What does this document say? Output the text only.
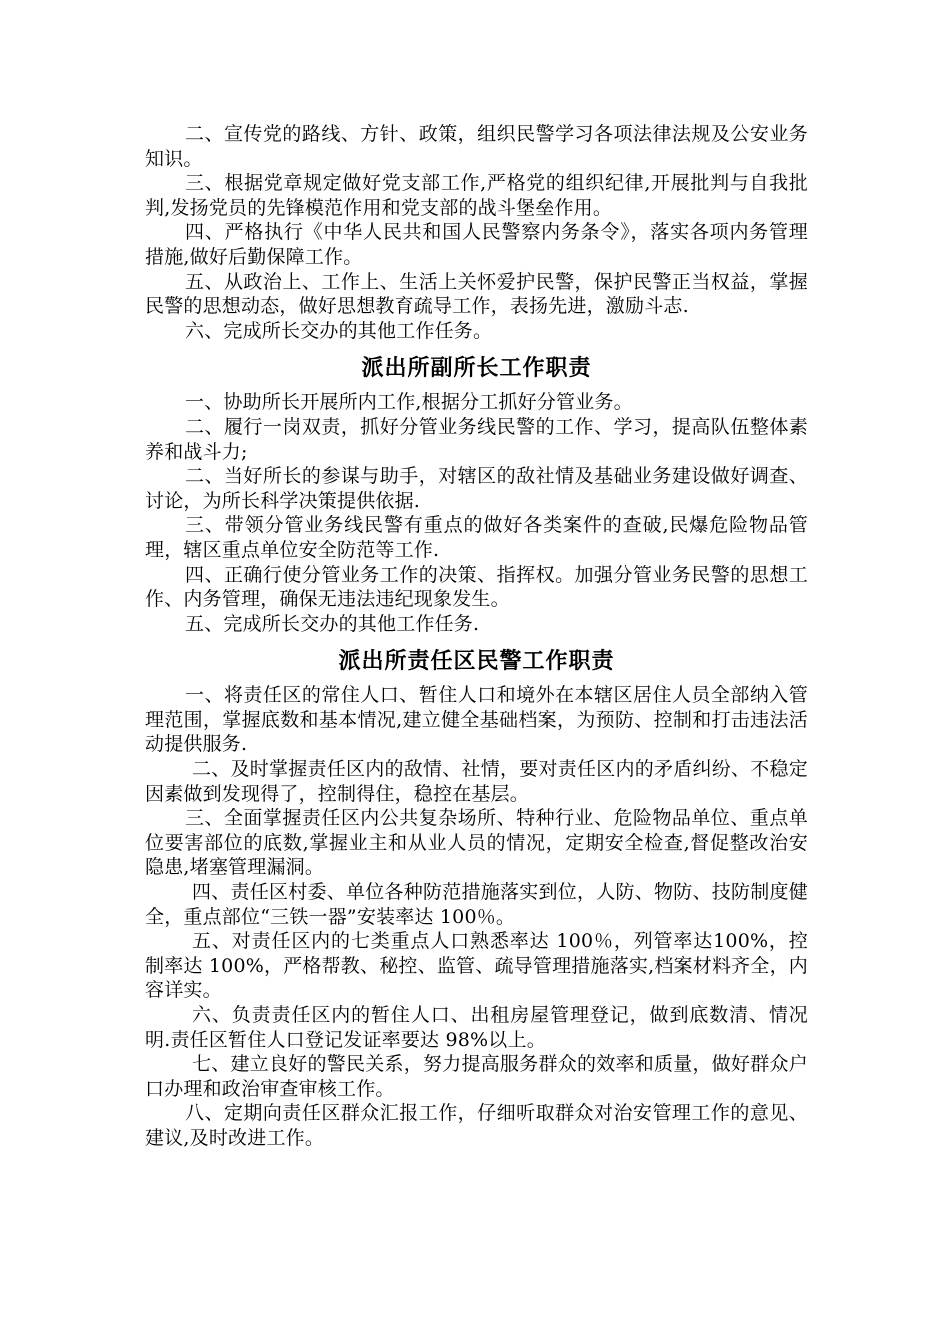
二、宣传党的路线、方针、政策，组织民警学习各项法律法规及公安业务知识。

三、根据党章规定做好党支部工作,严格党的组织纪律,开展批判与自我批判,发扬党员的先锋模范作用和党支部的战斗堡垒作用。

四、严格执行《中华人民共和国人民警察内务条令》，落实各项内务管理措施,做好后勤保障工作。

五、从政治上、工作上、生活上关怀爱护民警，保护民警正当权益，掌握民警的思想动态，做好思想教育疏导工作，表扬先进，激励斗志.

六、完成所长交办的其他工作任务。

派出所副所长工作职责

一、协助所长开展所内工作,根据分工抓好分管业务。

二、履行一岗双责，抓好分管业务线民警的工作、学习，提高队伍整体素养和战斗力;

二、当好所长的参谋与助手，对辖区的敌社情及基础业务建设做好调查、讨论，为所长科学决策提供依据.

三、带领分管业务线民警有重点的做好各类案件的查破,民爆危险物品管理，辖区重点单位安全防范等工作.

四、正确行使分管业务工作的决策、指挥权。加强分管业务民警的思想工作、内务管理，确保无违法违纪现象发生。

五、完成所长交办的其他工作任务.

派出所责任区民警工作职责

一、将责任区的常住人口、暂住人口和境外在本辖区居住人员全部纳入管理范围，掌握底数和基本情况,建立健全基础档案，为预防、控制和打击违法活动提供服务.

二、及时掌握责任区内的敌情、社情，要对责任区内的矛盾纠纷、不稳定因素做到发现得了，控制得住，稳控在基层。

三、全面掌握责任区内公共复杂场所、特种行业、危险物品单位、重点单位要害部位的底数,掌握业主和从业人员的情况，定期安全检查,督促整改治安隐患,堵塞管理漏洞。

四、责任区村委、单位各种防范措施落实到位，人防、物防、技防制度健全，重点部位“三铁一器”安装率达 100％。

五、对责任区内的七类重点人口熟悉率达 100％，列管率达100%，控制率达 100%，严格帮教、秘控、监管、疏导管理措施落实,档案材料齐全，内容详实。

六、负责责任区内的暂住人口、出租房屋管理登记，做到底数清、情况明.责任区暂住人口登记发证率要达 98%以上。

七、建立良好的警民关系，努力提高服务群众的效率和质量，做好群众户口办理和政治审查审核工作。

八、定期向责任区群众汇报工作，仔细听取群众对治安管理工作的意见、建议,及时改进工作。
